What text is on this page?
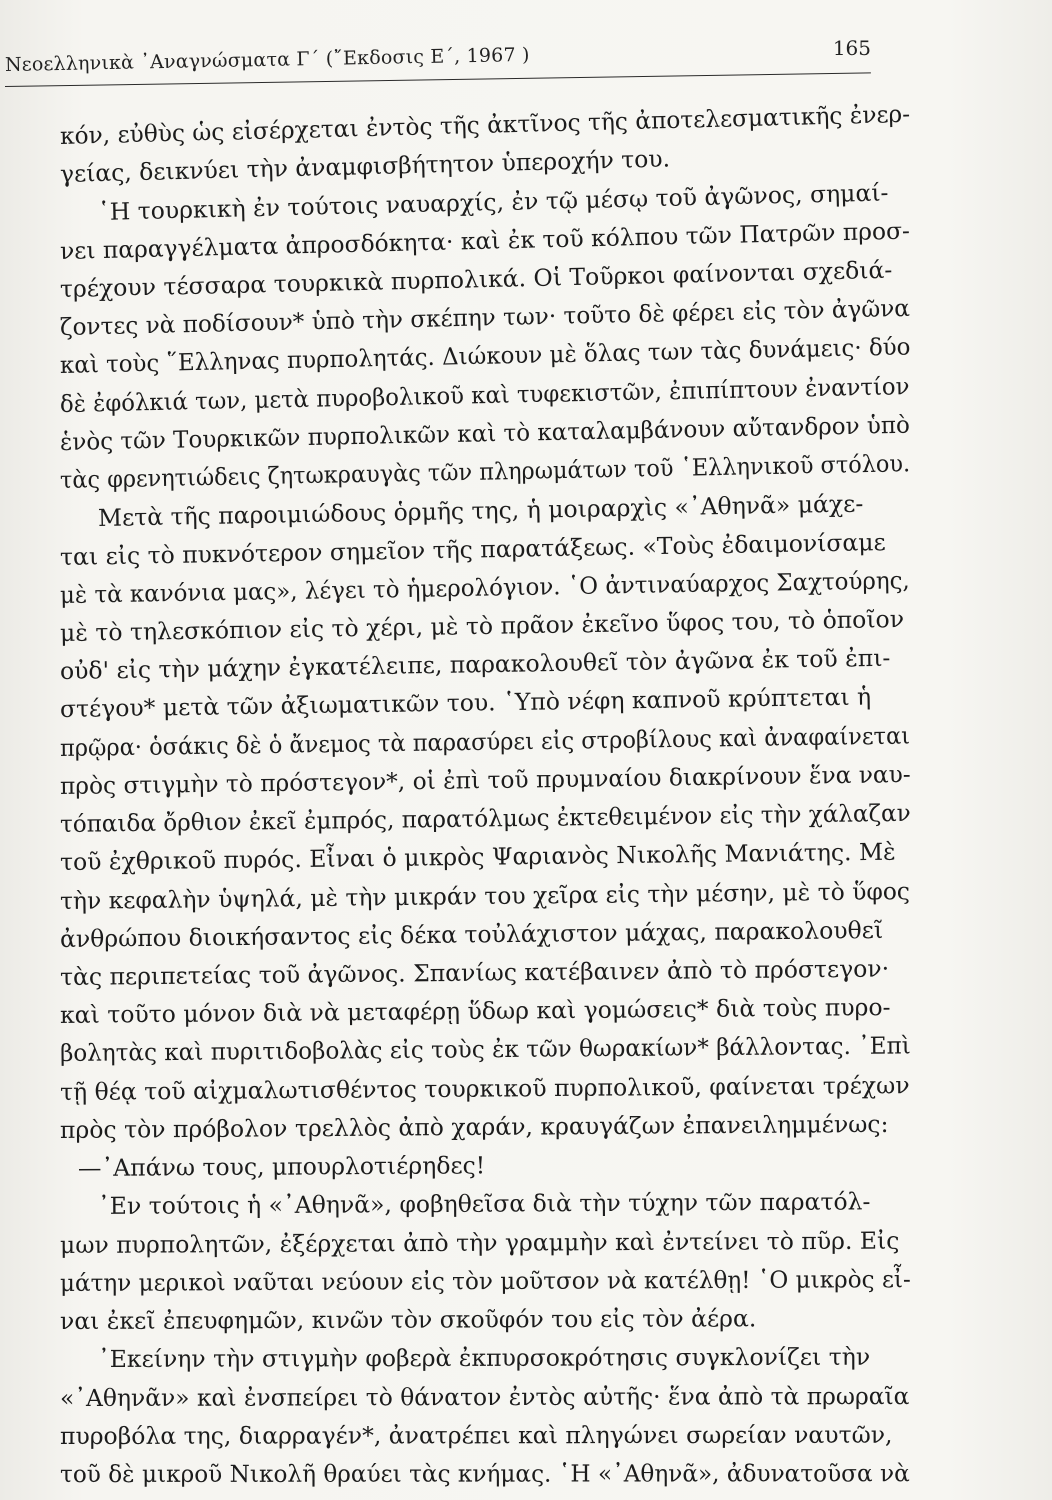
Νεοελληνικὰ ᾿Αναγνώσματα Γ΄ (῎Εκδοσις Ε΄, 1967 )	165
κόν, εὐθὺς ὡς εἰσέρχεται ἐντὸς τῆς ἀκτῖνος τῆς ἀποτελεσματικῆς ἐνερ-
γείας, δεικνύει τὴν ἀναμφισβήτητον ὑπεροχήν του.
῾Η τουρκικὴ ἐν τούτοις ναυαρχίς, ἐν τῷ μέσῳ τοῦ ἀγῶνος, σημαί-
νει παραγγέλματα ἀπροσδόκητα· καὶ ἐκ τοῦ κόλπου τῶν Πατρῶν προσ-
τρέχουν τέσσαρα τουρκικὰ πυρπολικά. Οἱ Τοῦρκοι φαίνονται σχεδιά-
ζοντες νὰ ποδίσουν* ὑπὸ τὴν σκέπην των· τοῦτο δὲ φέρει εἰς τὸν ἀγῶνα
καὶ τοὺς ῞Ελληνας πυρπολητάς. Διώκουν μὲ ὅλας των τὰς δυνάμεις· δύο
δὲ ἐφόλκιά των, μετὰ πυροβολικοῦ καὶ τυφεκιστῶν, ἐπιπίπτουν ἐναντίον
ἑνὸς τῶν Τουρκικῶν πυρπολικῶν καὶ τὸ καταλαμβάνουν αὔτανδρον ὑπὸ
τὰς φρενητιώδεις ζητωκραυγὰς τῶν πληρωμάτων τοῦ ῾Ελληνικοῦ στόλου.
Μετὰ τῆς παροιμιώδους ὁρμῆς της, ἡ μοιραρχὶς «᾿Αθηνᾶ» μάχε-
ται εἰς τὸ πυκνότερον σημεῖον τῆς παρατάξεως. «Τοὺς ἐδαιμονίσαμε
μὲ τὰ κανόνια μας», λέγει τὸ ἡμερολόγιον. ῾Ο ἀντιναύαρχος Σαχτούρης,
μὲ τὸ τηλεσκόπιον εἰς τὸ χέρι, μὲ τὸ πρᾶον ἐκεῖνο ὕφος του, τὸ ὁποῖον
οὐδ' εἰς τὴν μάχην ἐγκατέλειπε, παρακολουθεῖ τὸν ἀγῶνα ἐκ τοῦ ἐπι-
στέγου* μετὰ τῶν ἀξιωματικῶν του. ῾Υπὸ νέφη καπνοῦ κρύπτεται ἡ
πρῷρα· ὁσάκις δὲ ὁ ἄνεμος τὰ παρασύρει εἰς στροβίλους καὶ ἀναφαίνεται
πρὸς στιγμὴν τὸ πρόστεγον*, οἱ ἐπὶ τοῦ πρυμναίου διακρίνουν ἕνα ναυ-
τόπαιδα ὄρθιον ἐκεῖ ἐμπρός, παρατόλμως ἐκτεθειμένον εἰς τὴν χάλαζαν
τοῦ ἐχθρικοῦ πυρός. Εἶναι ὁ μικρὸς Ψαριανὸς Νικολῆς Μανιάτης. Μὲ
τὴν κεφαλὴν ὑψηλά, μὲ τὴν μικράν του χεῖρα εἰς τὴν μέσην, μὲ τὸ ὕφος
ἀνθρώπου διοικήσαντος εἰς δέκα τοὐλάχιστον μάχας, παρακολουθεῖ
τὰς περιπετείας τοῦ ἀγῶνος. Σπανίως κατέβαινεν ἀπὸ τὸ πρόστεγον·
καὶ τοῦτο μόνον διὰ νὰ μεταφέρῃ ὕδωρ καὶ γομώσεις* διὰ τοὺς πυρο-
βολητὰς καὶ πυριτιδοβολὰς εἰς τοὺς ἐκ τῶν θωρακίων* βάλλοντας. ᾿Επὶ
τῇ θέᾳ τοῦ αἰχμαλωτισθέντος τουρκικοῦ πυρπολικοῦ, φαίνεται τρέχων
πρὸς τὸν πρόβολον τρελλὸς ἀπὸ χαράν, κραυγάζων ἐπανειλημμένως:
—᾿Απάνω τους, μπουρλοτιέρηδες!
᾿Εν τούτοις ἡ «᾿Αθηνᾶ», φοβηθεῖσα διὰ τὴν τύχην τῶν παρατόλ-
μων πυρπολητῶν, ἐξέρχεται ἀπὸ τὴν γραμμὴν καὶ ἐντείνει τὸ πῦρ. Εἰς
μάτην μερικοὶ ναῦται νεύουν εἰς τὸν μοῦτσον νὰ κατέλθῃ! ῾Ο μικρὸς εἶ-
ναι ἐκεῖ ἐπευφημῶν, κινῶν τὸν σκοῦφόν του εἰς τὸν ἀέρα.
᾿Εκείνην τὴν στιγμὴν φοβερὰ ἐκπυρσοκρότησις συγκλονίζει τὴν
«᾿Αθηνᾶν» καὶ ἐνσπείρει τὸ θάνατον ἐντὸς αὐτῆς· ἕνα ἀπὸ τὰ πρωραῖα
πυροβόλα της, διαρραγέν*, ἀνατρέπει καὶ πληγώνει σωρείαν ναυτῶν,
τοῦ δὲ μικροῦ Νικολῆ θραύει τὰς κνήμας. ῾Η «᾿Αθηνᾶ», ἀδυνατοῦσα νὰ
